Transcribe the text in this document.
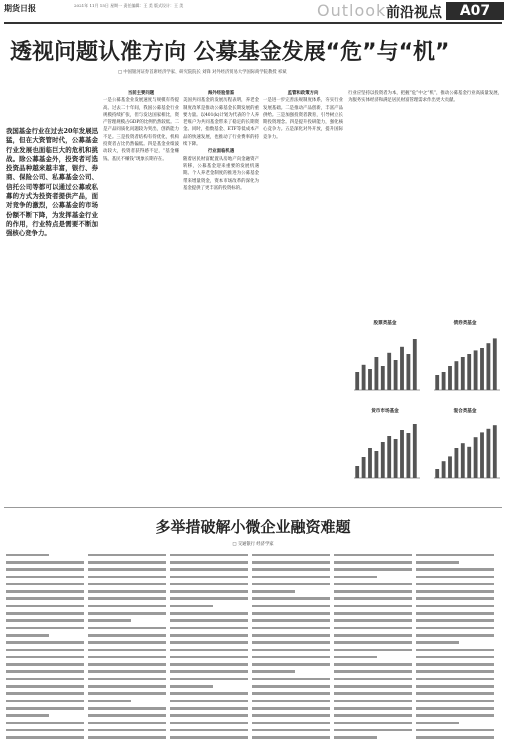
期货日报	2021年 11月 15日 星期一 责任编辑：王 美 版式设计：王 美	Outlook 前沿视点	A07
透视问题认准方向 公募基金发展“危”与“机”
□ 中国银河证券首席经济学家、研究院院长 刘锋 对外经济贸易大学国际商学院教授 祁斌
我国基金行业在过去20年发展迅猛，但在大资管时代，公募基金行业发展也面临巨大的危机和挑战。除公募基金外，投资者可选投资品种越来越丰富，银行、券商、保险公司、私募基金公司、信托公司等都可以通过公募或私募的方式为投资者提供产品，面对竞争的激烈，公募基金的市场份额不断下降，为发挥基金行业的作用，行业特点是需要不断加强核心竞争力。
当前主要问题
一是公募基金业发展速度与规模有待提高。过去二十年间，我国公募基金行业规模持续扩张，但与发达国家相比，资产管理规模占GDP的比例仍然较低。二是产品同质化问题较为突出，创新能力不足。三是投资者结构有待优化，机构投资者占比仍然偏低。四是基金业绩波动较大，投资者获得感不足，“基金赚钱、基民不赚钱”现象长期存在。
海外经验借鉴
美国共同基金的发展历程表明，养老金制度改革是推动公募基金长期发展的重要力量。以401(k)计划为代表的个人养老账户为共同基金带来了稳定的长期资金。同时，指数基金、ETF等低成本产品的快速发展，也推动了行业费率的持续下降。
行业面临机遇
随着居民财富配置从房地产向金融资产转移，公募基金迎来重要的发展机遇期。个人养老金制度的推进为公募基金带来增量资金，资本市场改革的深化为基金提供了更丰富的投资标的。
监管和政策方向
一是进一步完善法规制度体系，夯实行业发展基础。二是推动产品创新，丰富产品供给。三是加强投资者教育，引导树立长期投资理念。四是提升投研能力，强化核心竞争力。五是深化对外开放，提升国际竞争力。
行业应坚持以投资者为本，把握“危”中之“机”，推动公募基金行业高质量发展，为服务实体经济和满足居民财富管理需求作出更大贡献。
股票类基金	债券类基金
货币市场基金	混合类基金
多举措破解小微企业融资难题
□ 交通银行 经济学家
